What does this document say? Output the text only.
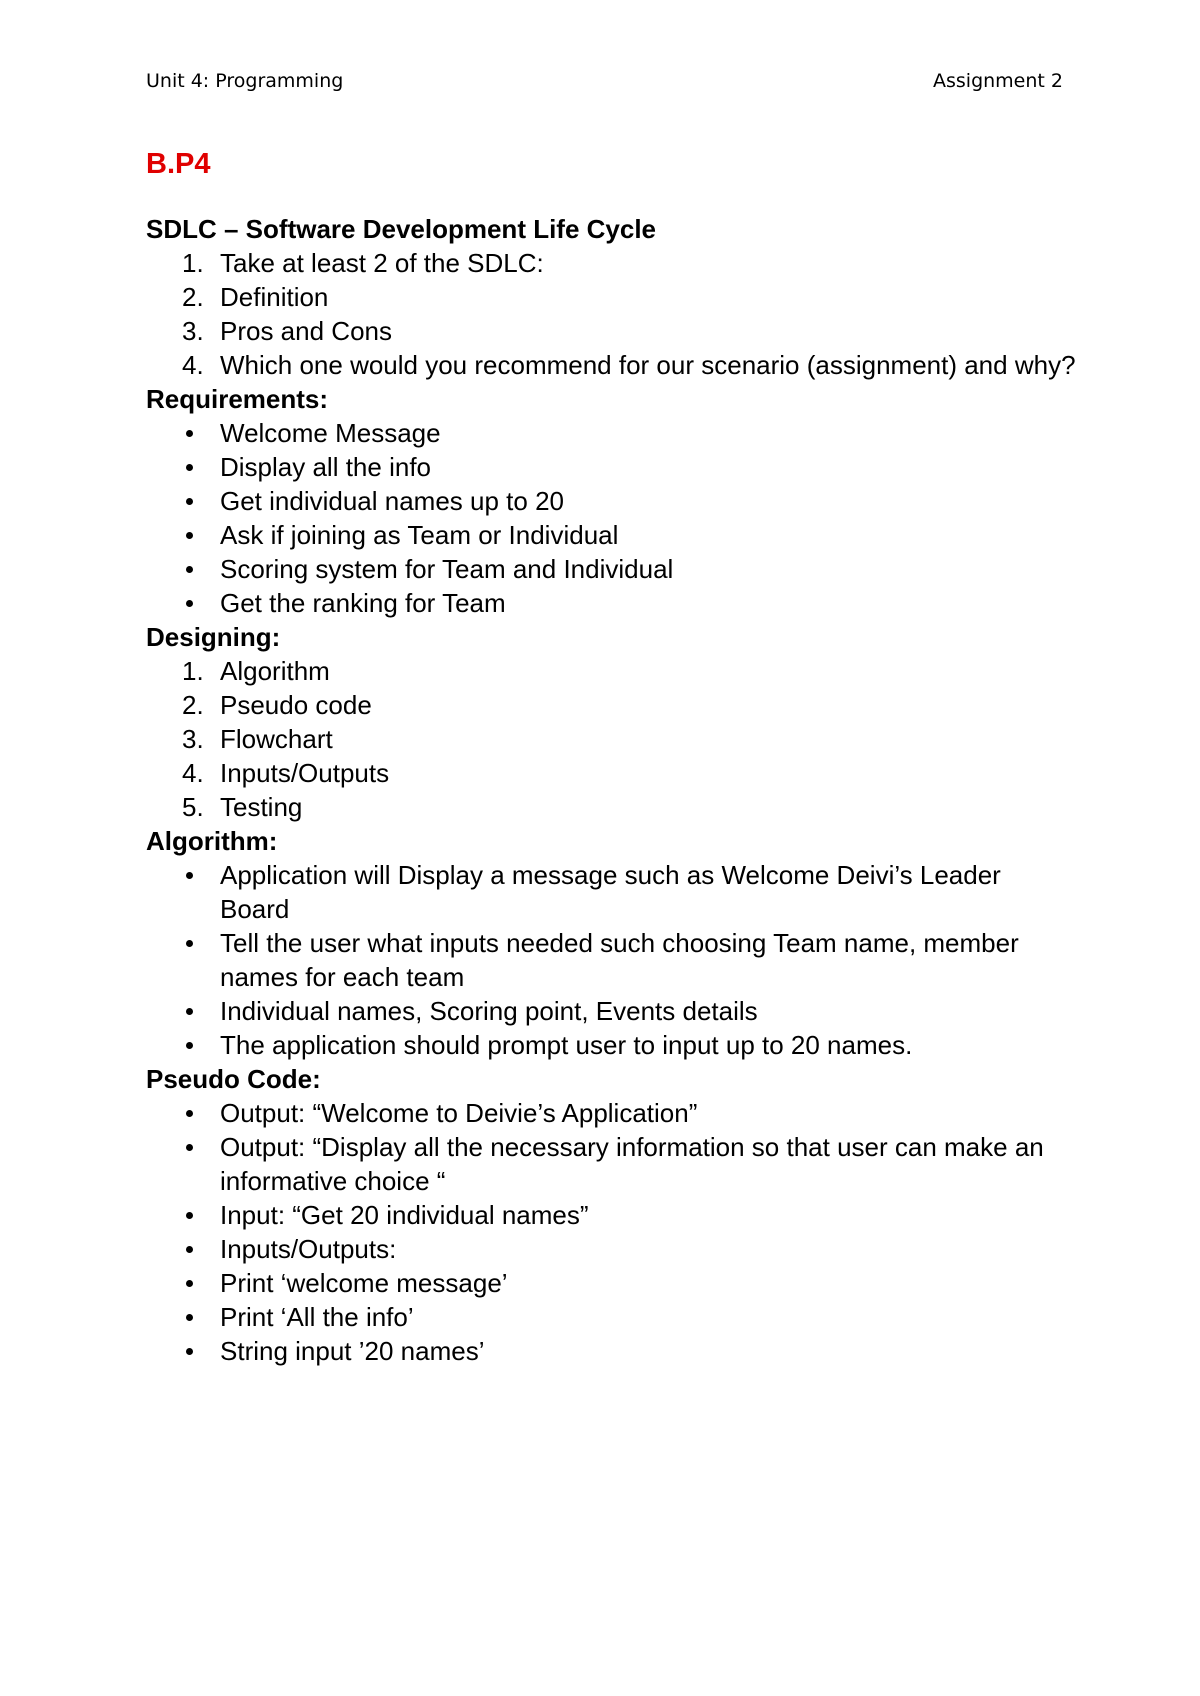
Unit 4: Programming	Assignment 2
B.P4

SDLC – Software Development Life Cycle

1. Take at least 2 of the SDLC:
2. Definition
3. Pros and Cons
4. Which one would you recommend for our scenario (assignment) and why?

Requirements:

Welcome Message
Display all the info
Get individual names up to 20
Ask if joining as Team or Individual
Scoring system for Team and Individual
Get the ranking for Team

Designing:

1. Algorithm
2. Pseudo code
3. Flowchart
4. Inputs/Outputs
5. Testing

Algorithm:

Application will Display a message such as Welcome Deivi’s Leader Board
Tell the user what inputs needed such choosing Team name, member names for each team
Individual names, Scoring point, Events details
The application should prompt user to input up to 20 names.

Pseudo Code:

Output: “Welcome to Deivie’s Application”
Output: “Display all the necessary information so that user can make an informative choice “
Input: “Get 20 individual names”
Inputs/Outputs:
Print ‘welcome message’
Print ‘All the info’
String input ’20 names’
